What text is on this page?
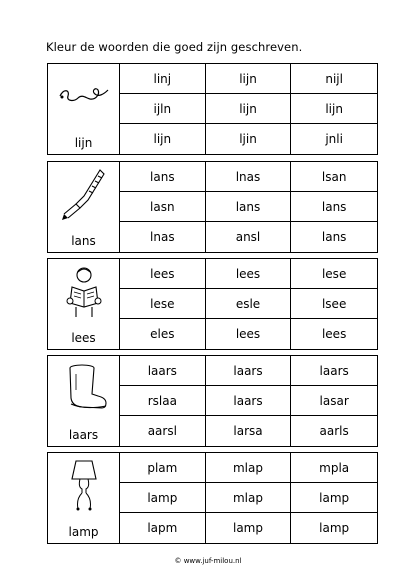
Kleur de woorden die goed zijn geschreven.
lijn
linj	lijn	nijl
ijln	lijn	lijn
lijn	ljin	jnli
lans
lans	lnas	lsan
lasn	lans	lans
lnas	ansl	lans
lees
lees	lees	lese
lese	esle	lsee
eles	lees	lees
laars
laars	laars	laars
rslaa	laars	lasar
aarsl	larsa	aarls
lamp
plam	mlap	mpla
lamp	mlap	lamp
lapm	lamp	lamp
© www.juf-milou.nl
